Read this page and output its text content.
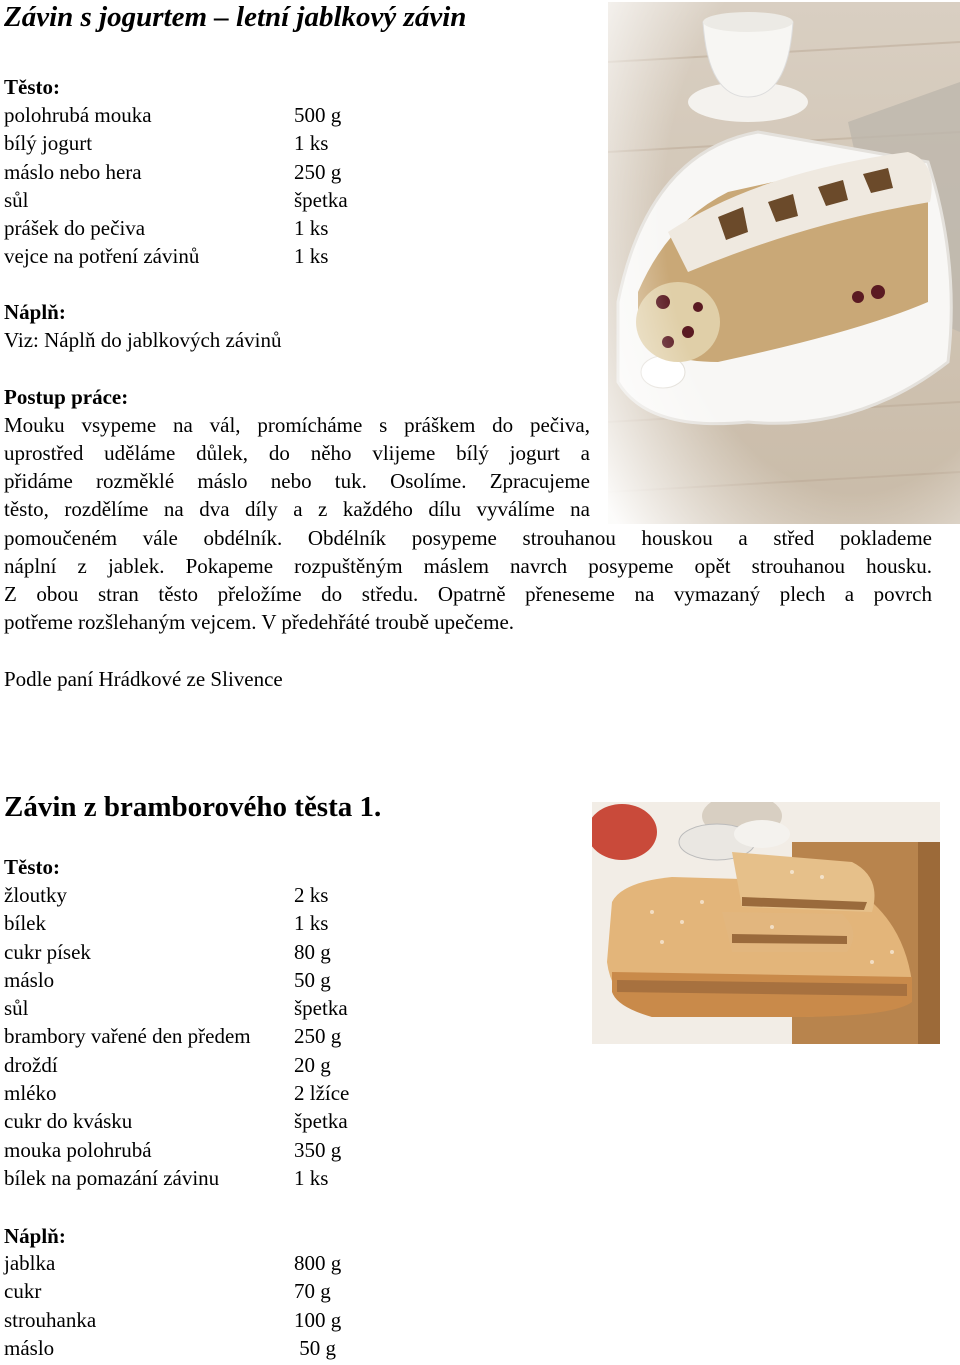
Závin s jogurtem – letní jablkový závin
Těsto:
polohrubá mouka	500 g
bílý jogurt	1 ks
máslo nebo hera	250 g
sůl	špetka
prášek do pečiva	1 ks
vejce na potření závinů	1 ks
Náplň:
Viz: Náplň do jablkových závinů
Postup práce:
Mouku vsypeme na vál, promícháme s práškem do pečiva,
uprostřed uděláme důlek, do něho vlijeme bílý jogurt a
přidáme rozměklé máslo nebo tuk. Osolíme. Zpracujeme
těsto, rozdělíme na dva díly a z každého dílu vyválíme na
pomoučeném vále obdélník. Obdélník posypeme strouhanou houskou a střed poklademe
náplní z jablek. Pokapeme rozpuštěným máslem navrch posypeme opět strouhanou housku.
Z obou stran těsto přeložíme do středu. Opatrně přeneseme na vymazaný plech a povrch
potřeme rozšlehaným vejcem. V předehřáté troubě upečeme.
Podle paní Hrádkové ze Slivence
Závin z bramborového těsta 1.
Těsto:
žloutky	2 ks
bílek	1 ks
cukr písek	80 g
máslo	50 g
sůl	špetka
brambory vařené den předem	250 g
droždí	20 g
mléko	2 lžíce
cukr do kvásku	špetka
mouka polohrubá	350 g
bílek na pomazání závinu	1 ks
Náplň:
jablka	800 g
cukr	70 g
strouhanka	100 g
máslo	50 g
